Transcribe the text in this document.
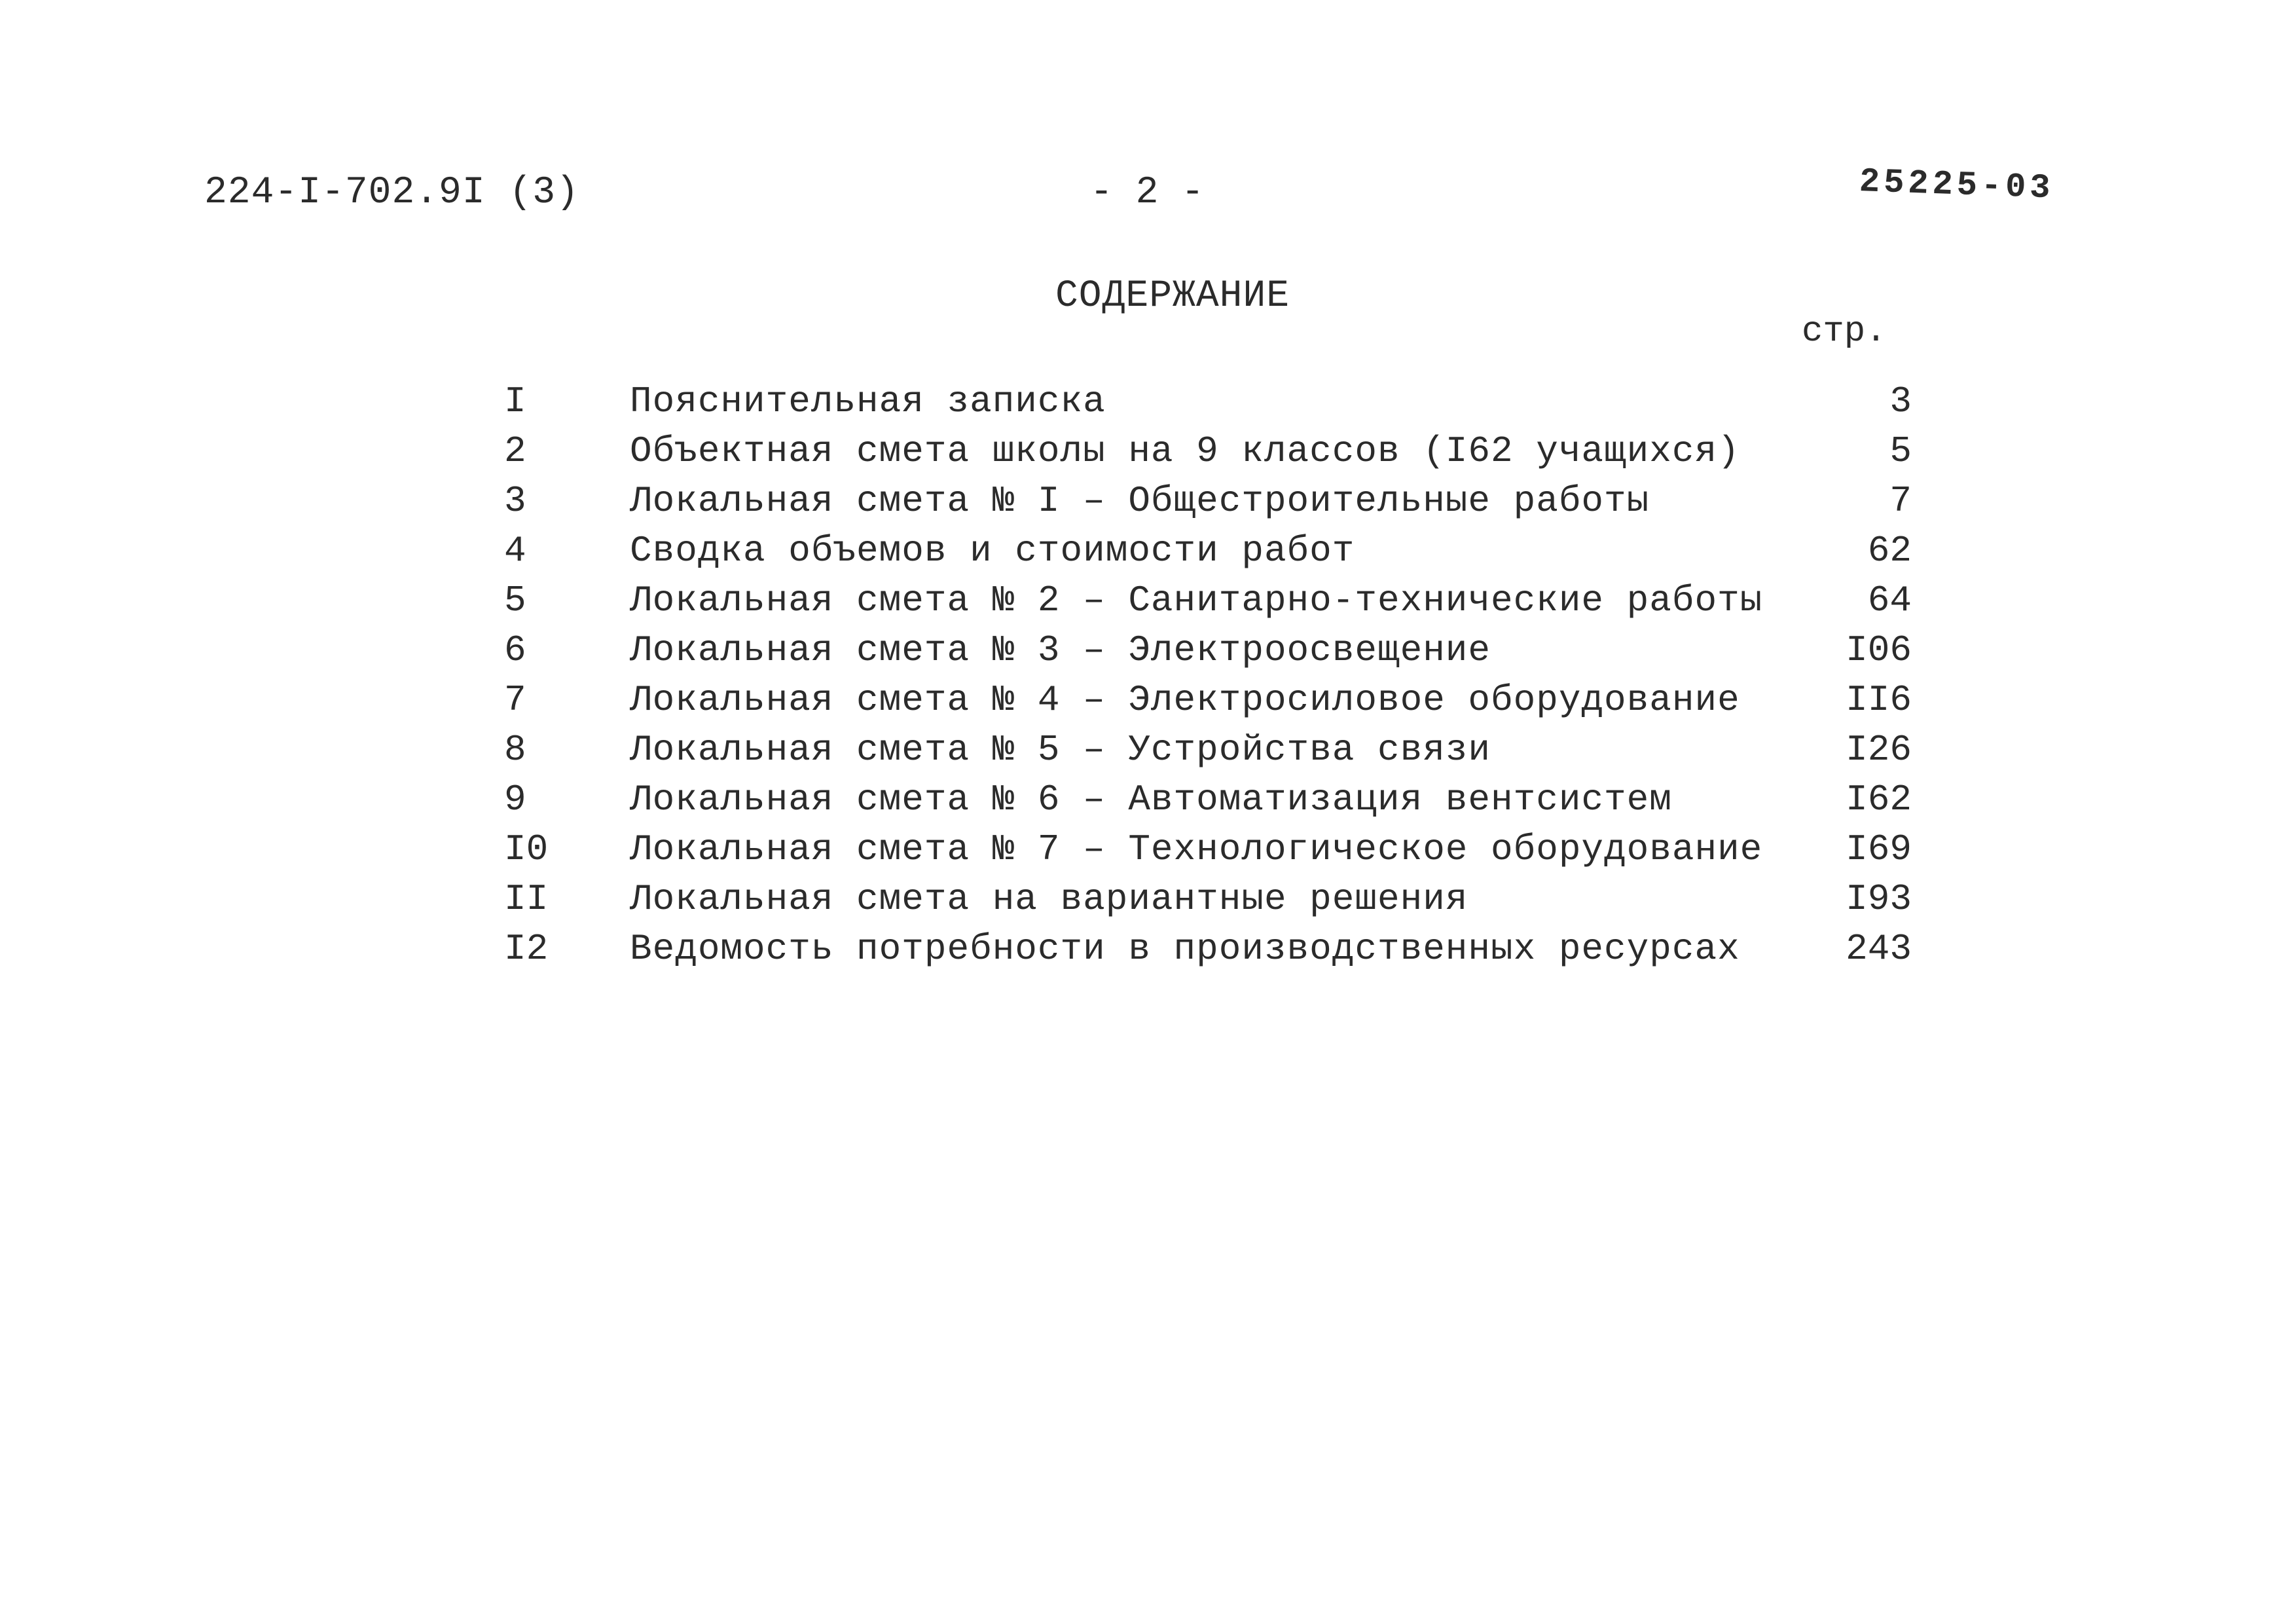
224-I-702.9I (3)	- 2 -	25225-03
СОДЕРЖАНИЕ
стр.
I	Пояснительная записка	3
2	Объектная смета школы на 9 классов (I62 учащихся)	5
3	Локальная смета № I – Общестроительные работы	7
4	Сводка объемов и стоимости работ	62
5	Локальная смета № 2 – Санитарно-технические работы	64
6	Локальная смета № 3 – Электроосвещение	I06
7	Локальная смета № 4 – Электросиловое оборудование	II6
8	Локальная смета № 5 – Устройства связи	I26
9	Локальная смета № 6 – Автоматизация вентсистем	I62
I0 Локальная смета № 7 – Технологическое оборудование I69
II Локальная смета на вариантные решения	I93
I2 Ведомость потребности в производственных ресурсах	243
